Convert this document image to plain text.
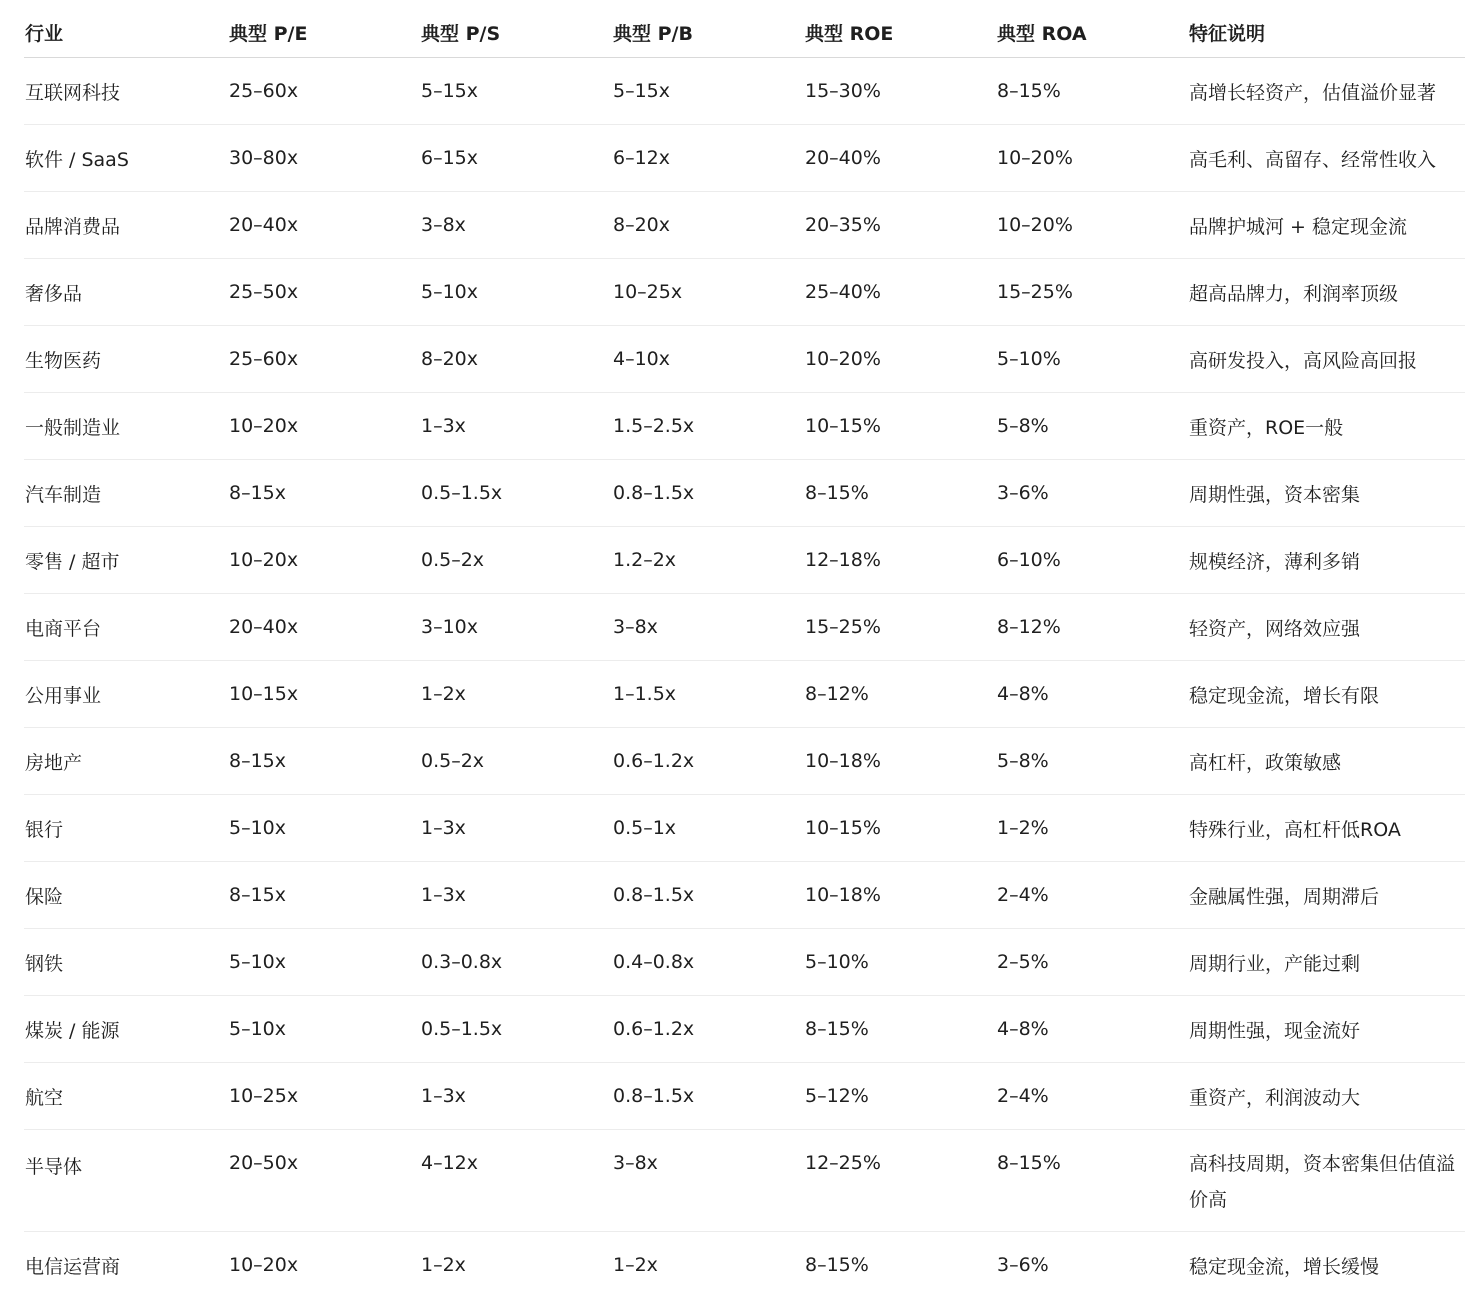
行业	典型 P/E	典型 P/S	典型 P/B	典型 ROE	典型 ROA	特征说明
互联网科技	25–60x	5–15x	5–15x	15–30%	8–15%	高增长轻资产，估值溢价显著
软件 / SaaS	30–80x	6–15x	6–12x	20–40%	10–20%	高毛利、高留存、经常性收入
品牌消费品	20–40x	3–8x	8–20x	20–35%	10–20%	品牌护城河 + 稳定现金流
奢侈品	25–50x	5–10x	10–25x	25–40%	15–25%	超高品牌力，利润率顶级
生物医药	25–60x	8–20x	4–10x	10–20%	5–10%	高研发投入，高风险高回报
一般制造业	10–20x	1–3x	1.5–2.5x	10–15%	5–8%	重资产，ROE一般
汽车制造	8–15x	0.5–1.5x	0.8–1.5x	8–15%	3–6%	周期性强，资本密集
零售 / 超市	10–20x	0.5–2x	1.2–2x	12–18%	6–10%	规模经济，薄利多销
电商平台	20–40x	3–10x	3–8x	15–25%	8–12%	轻资产，网络效应强
公用事业	10–15x	1–2x	1–1.5x	8–12%	4–8%	稳定现金流，增长有限
房地产	8–15x	0.5–2x	0.6–1.2x	10–18%	5–8%	高杠杆，政策敏感
银行	5–10x	1–3x	0.5–1x	10–15%	1–2%	特殊行业，高杠杆低ROA
保险	8–15x	1–3x	0.8–1.5x	10–18%	2–4%	金融属性强，周期滞后
钢铁	5–10x	0.3–0.8x	0.4–0.8x	5–10%	2–5%	周期行业，产能过剩
煤炭 / 能源	5–10x	0.5–1.5x	0.6–1.2x	8–15%	4–8%	周期性强，现金流好
航空	10–25x	1–3x	0.8–1.5x	5–12%	2–4%	重资产，利润波动大
半导体	20–50x	4–12x	3–8x	12–25%	8–15%	高科技周期，资本密集但估值溢价高
电信运营商	10–20x	1–2x	1–2x	8–15%	3–6%	稳定现金流，增长缓慢
